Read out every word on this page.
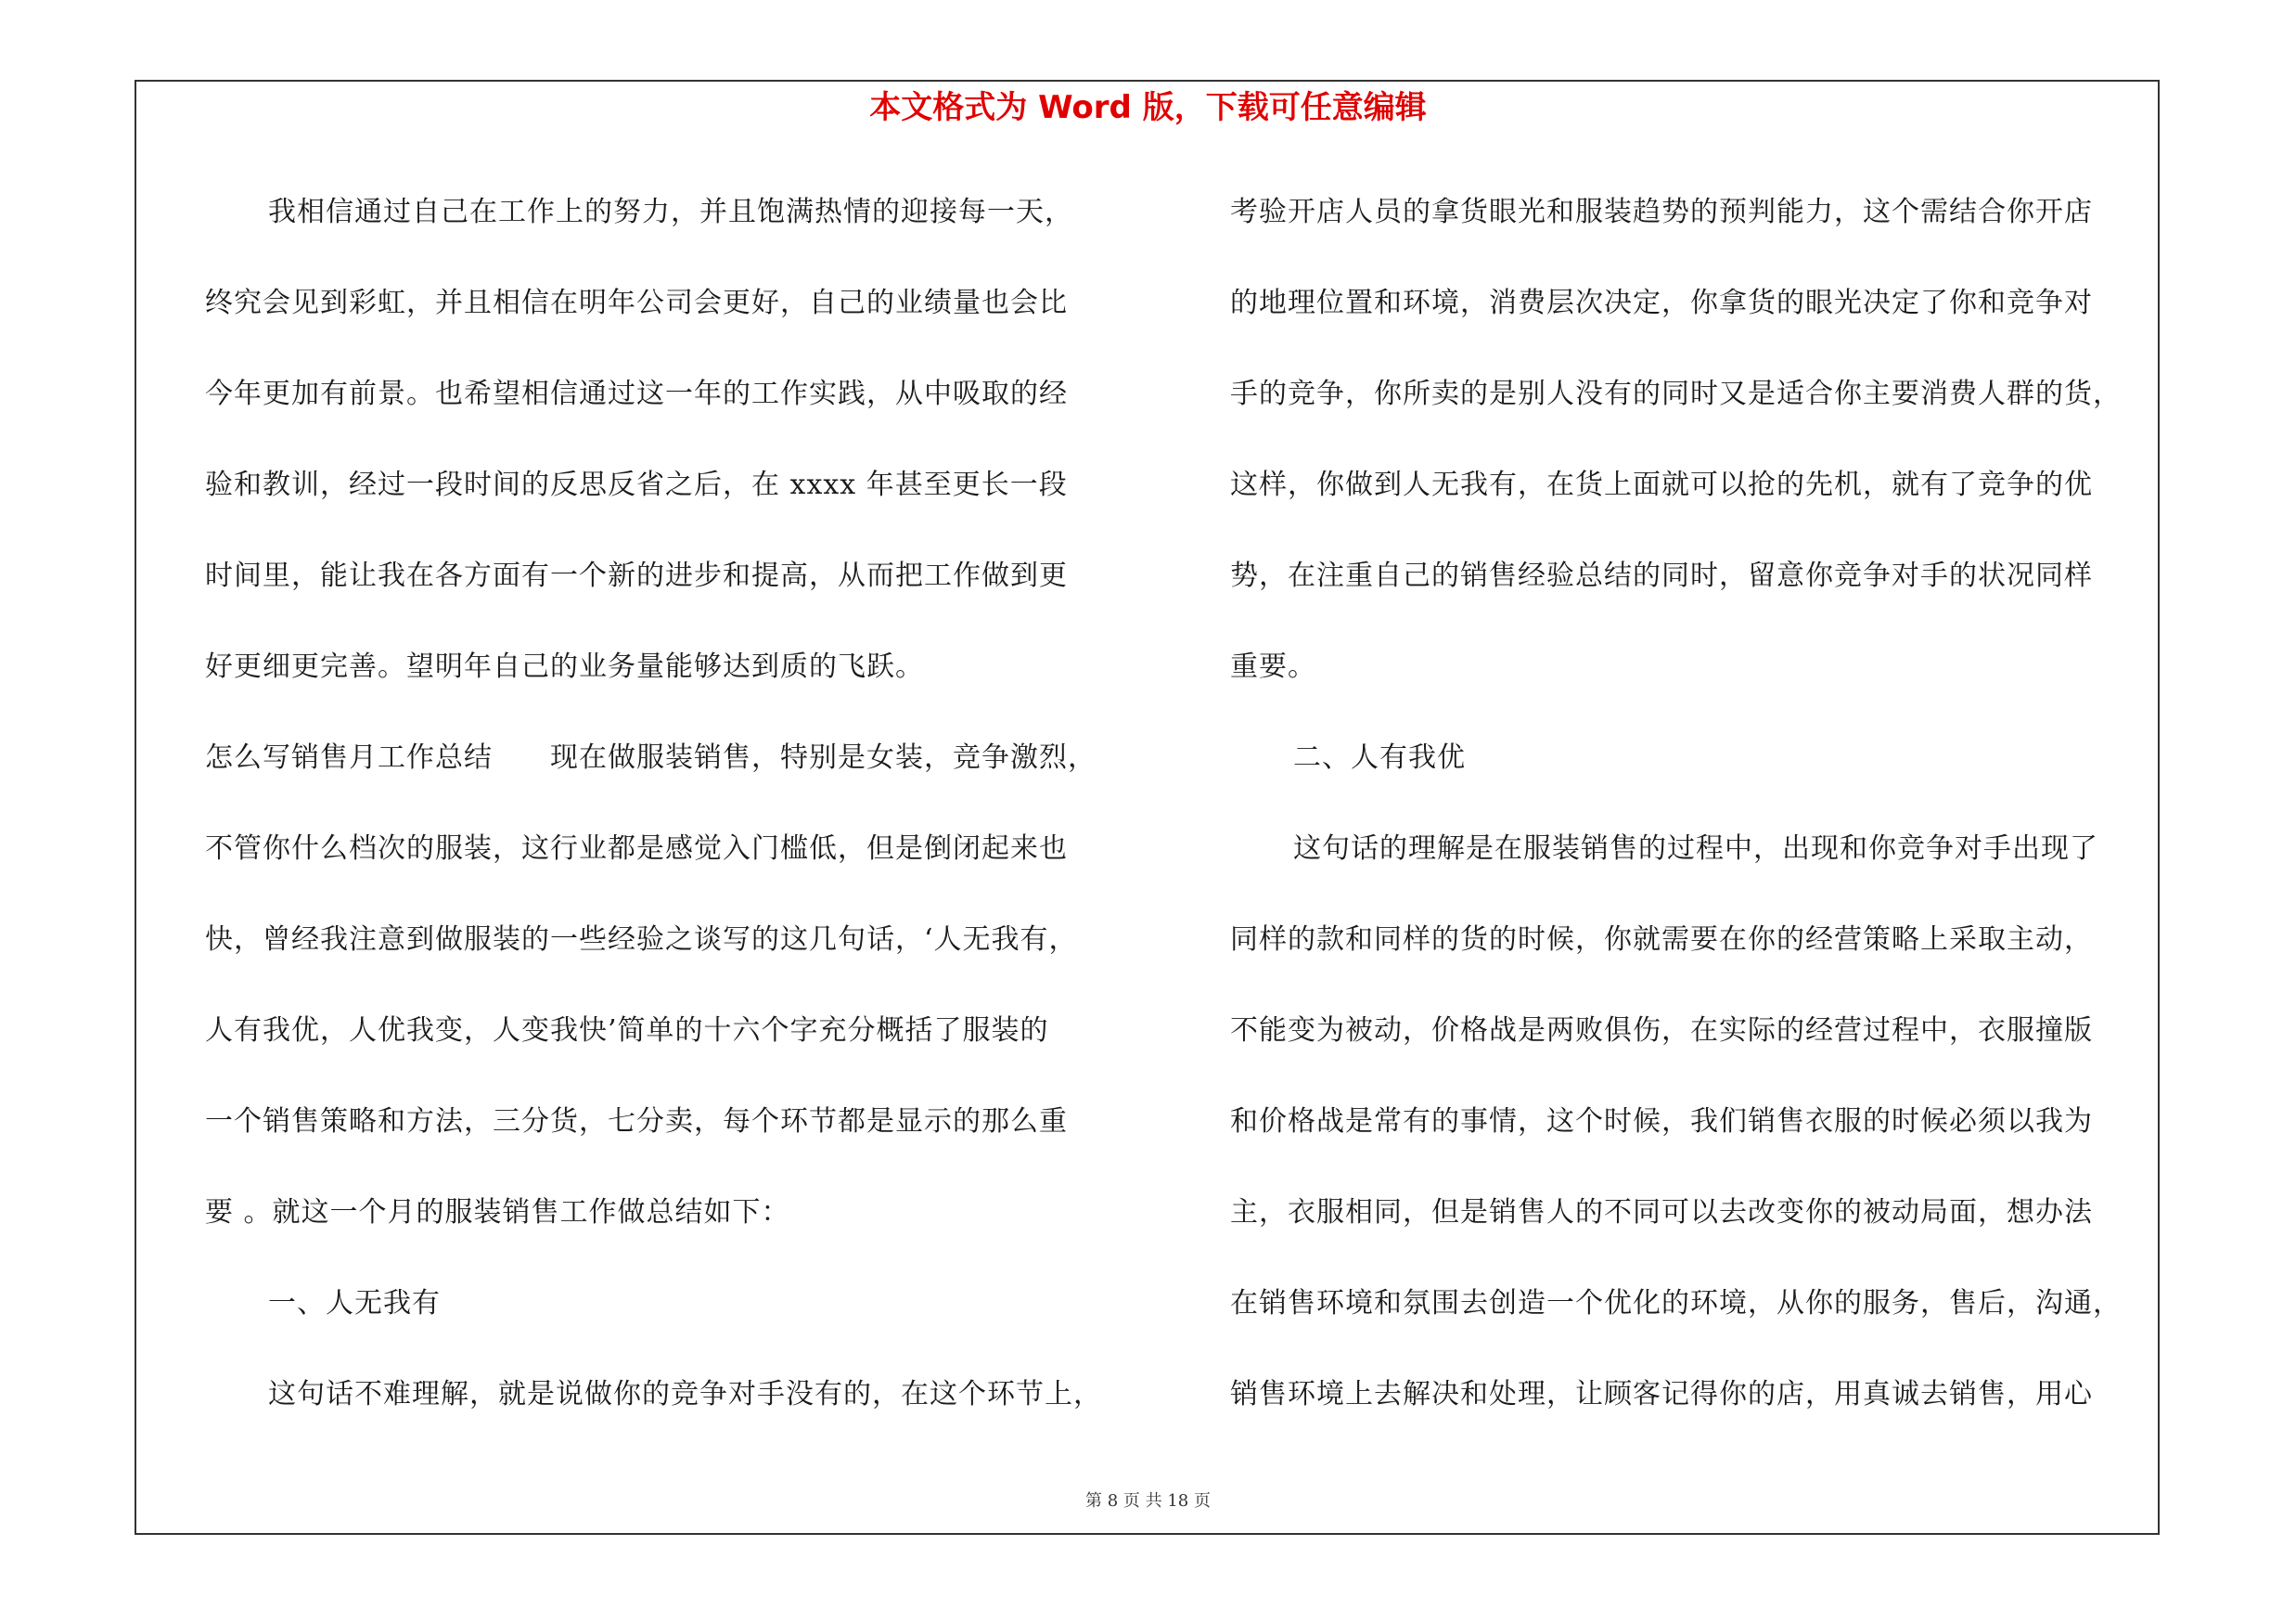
本文格式为 Word 版，下载可任意编辑
我相信通过自己在工作上的努力，并且饱满热情的迎接每一天，
终究会见到彩虹，并且相信在明年公司会更好，自己的业绩量也会比
今年更加有前景。也希望相信通过这一年的工作实践，从中吸取的经
验和教训，经过一段时间的反思反省之后，在 xxxx 年甚至更长一段
时间里，能让我在各方面有一个新的进步和提高，从而把工作做到更
好更细更完善。望明年自己的业务量能够达到质的飞跃。
怎么写销售月工作总结　　现在做服装销售，特别是女装，竞争激烈，
不管你什么档次的服装，这行业都是感觉入门槛低，但是倒闭起来也
快，曾经我注意到做服装的一些经验之谈写的这几句话，‘人无我有，
人有我优，人优我变，人变我快’简单的十六个字充分概括了服装的
一个销售策略和方法，三分货，七分卖，每个环节都是显示的那么重
要 。就这一个月的服装销售工作做总结如下：
一、人无我有
这句话不难理解，就是说做你的竞争对手没有的，在这个环节上，
考验开店人员的拿货眼光和服装趋势的预判能力，这个需结合你开店
的地理位置和环境，消费层次决定，你拿货的眼光决定了你和竞争对
手的竞争，你所卖的是别人没有的同时又是适合你主要消费人群的货，
这样，你做到人无我有，在货上面就可以抢的先机，就有了竞争的优
势，在注重自己的销售经验总结的同时，留意你竞争对手的状况同样
重要。
二、人有我优
这句话的理解是在服装销售的过程中，出现和你竞争对手出现了
同样的款和同样的货的时候，你就需要在你的经营策略上采取主动，
不能变为被动，价格战是两败俱伤，在实际的经营过程中，衣服撞版
和价格战是常有的事情，这个时候，我们销售衣服的时候必须以我为
主，衣服相同，但是销售人的不同可以去改变你的被动局面，想办法
在销售环境和氛围去创造一个优化的环境，从你的服务，售后，沟通，
销售环境上去解决和处理，让顾客记得你的店，用真诚去销售，用心
第 8 页 共 18 页
